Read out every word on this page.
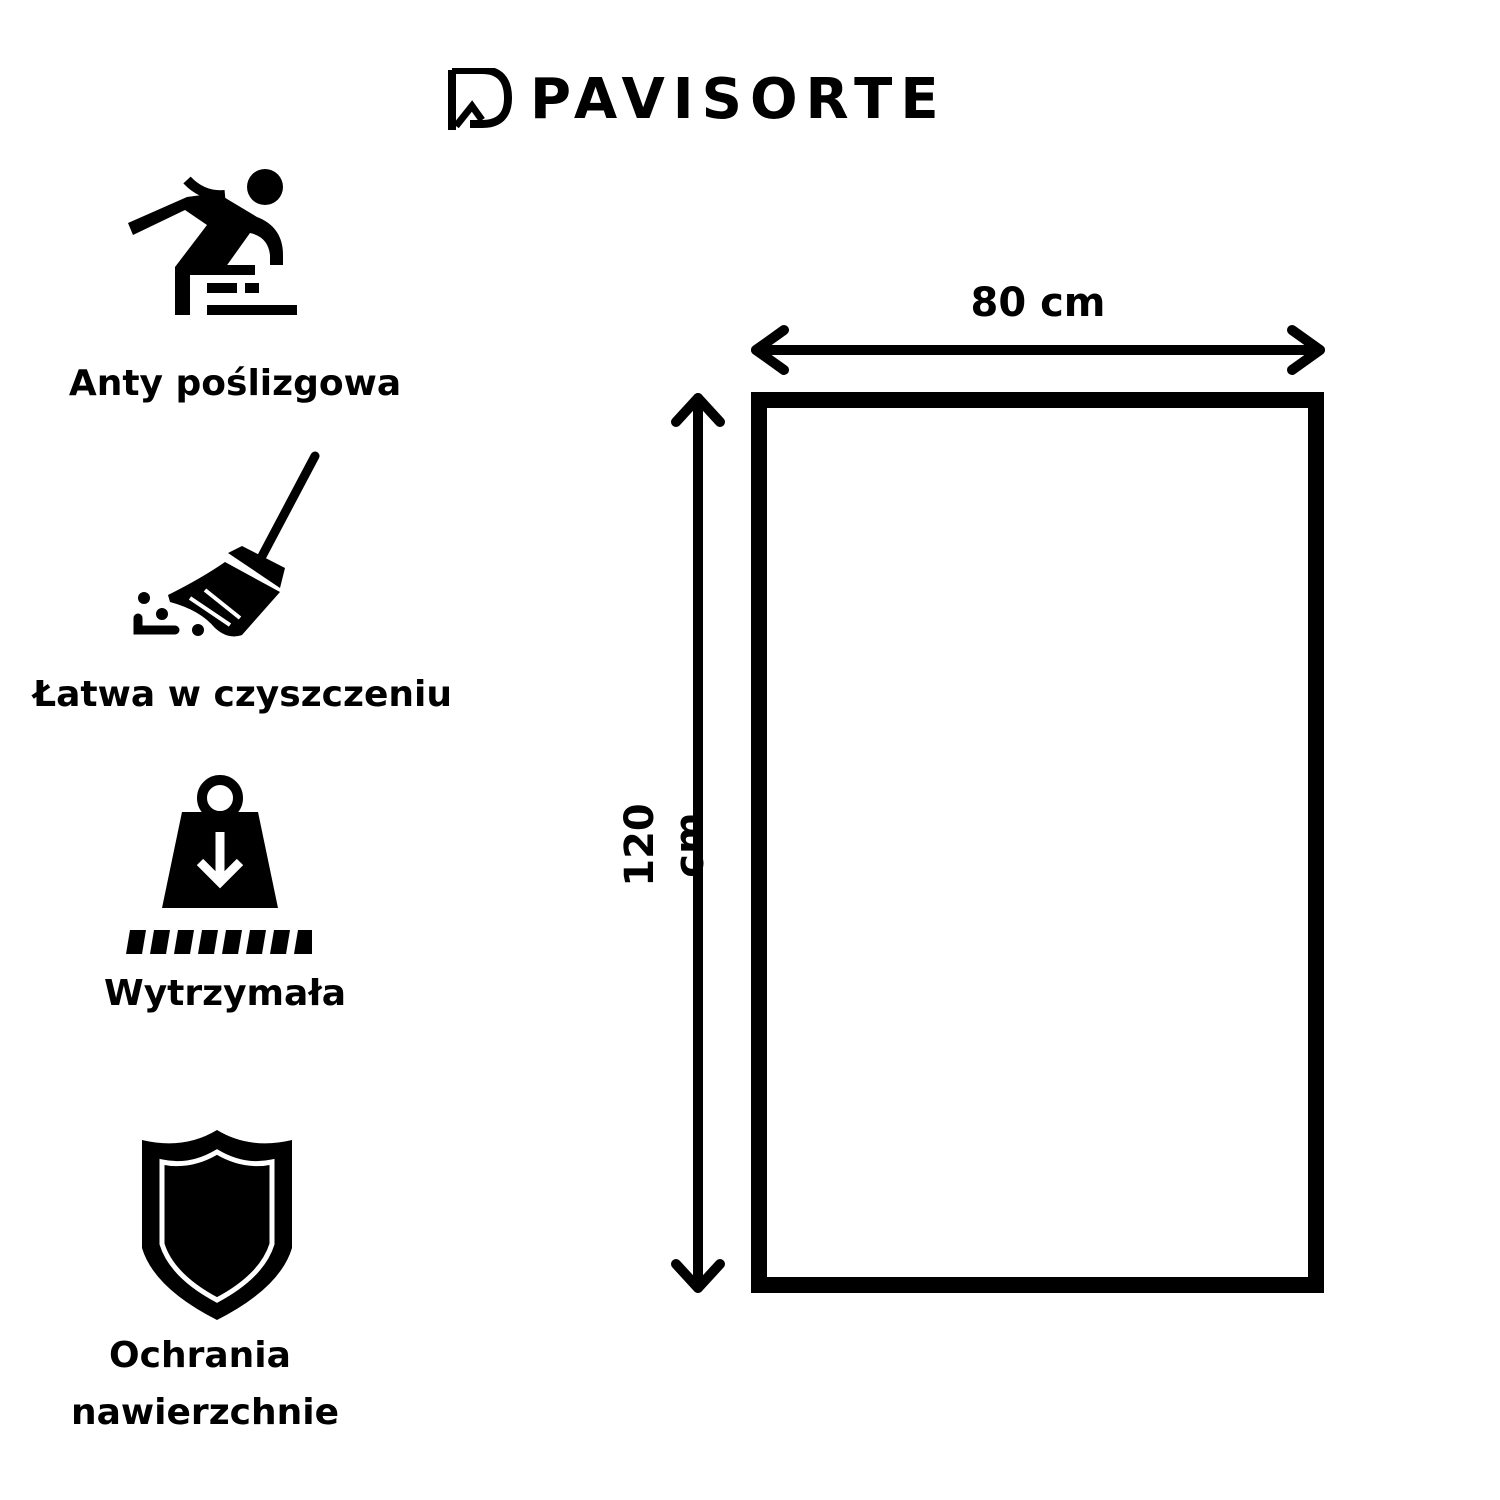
PAVISORTE
Anty poślizgowa
Łatwa w czyszczeniu
Wytrzymała
Ochrania
nawierzchnie
80 cm
120 cm
